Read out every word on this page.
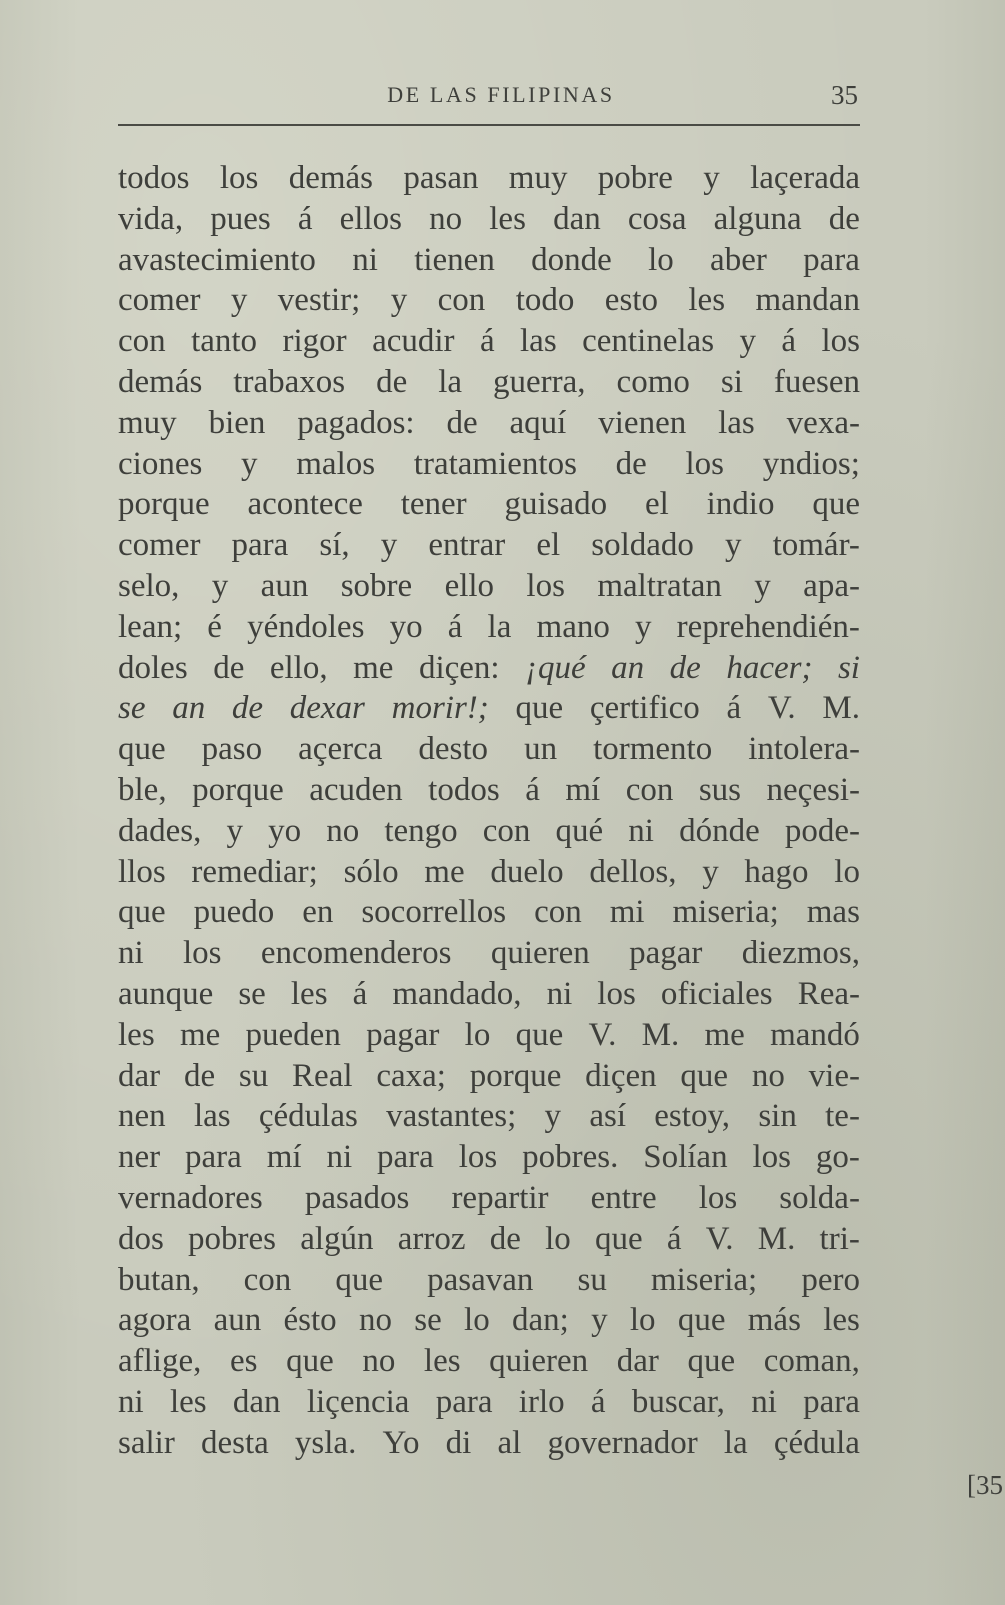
DE LAS FILIPINAS	35
todos los demás pasan muy pobre y laçerada
vida, pues á ellos no les dan cosa alguna de
avastecimiento ni tienen donde lo aber para
comer y vestir; y con todo esto les mandan
con tanto rigor acudir á las centinelas y á los
demás trabaxos de la guerra, como si fuesen
muy bien pagados: de aquí vienen las vexa-
ciones y malos tratamientos de los yndios;
porque acontece tener guisado el indio que
comer para sí, y entrar el soldado y tomár-
selo, y aun sobre ello los maltratan y apa-
lean; é yéndoles yo á la mano y reprehendién-
doles de ello, me diçen: ¡qué an de hacer; si
se an de dexar morir!; que çertifico á V. M.
que paso açerca desto un tormento intolera-
ble, porque acuden todos á mí con sus neçesi-
dades, y yo no tengo con qué ni dónde pode-
llos remediar; sólo me duelo dellos, y hago lo
que puedo en socorrellos con mi miseria; mas
ni los encomenderos quieren pagar diezmos,
aunque se les á mandado, ni los oficiales Rea-
les me pueden pagar lo que V. M. me mandó
dar de su Real caxa; porque diçen que no vie-
nen las çédulas vastantes; y así estoy, sin te-
ner para mí ni para los pobres. Solían los go-
vernadores pasados repartir entre los solda-
dos pobres algún arroz de lo que á V. M. tri-
butan, con que pasavan su miseria; pero
agora aun ésto no se lo dan; y lo que más les
aflige, es que no les quieren dar que coman,
ni les dan liçencia para irlo á buscar, ni para
salir desta ysla. Yo di al governador la çédula
[35
